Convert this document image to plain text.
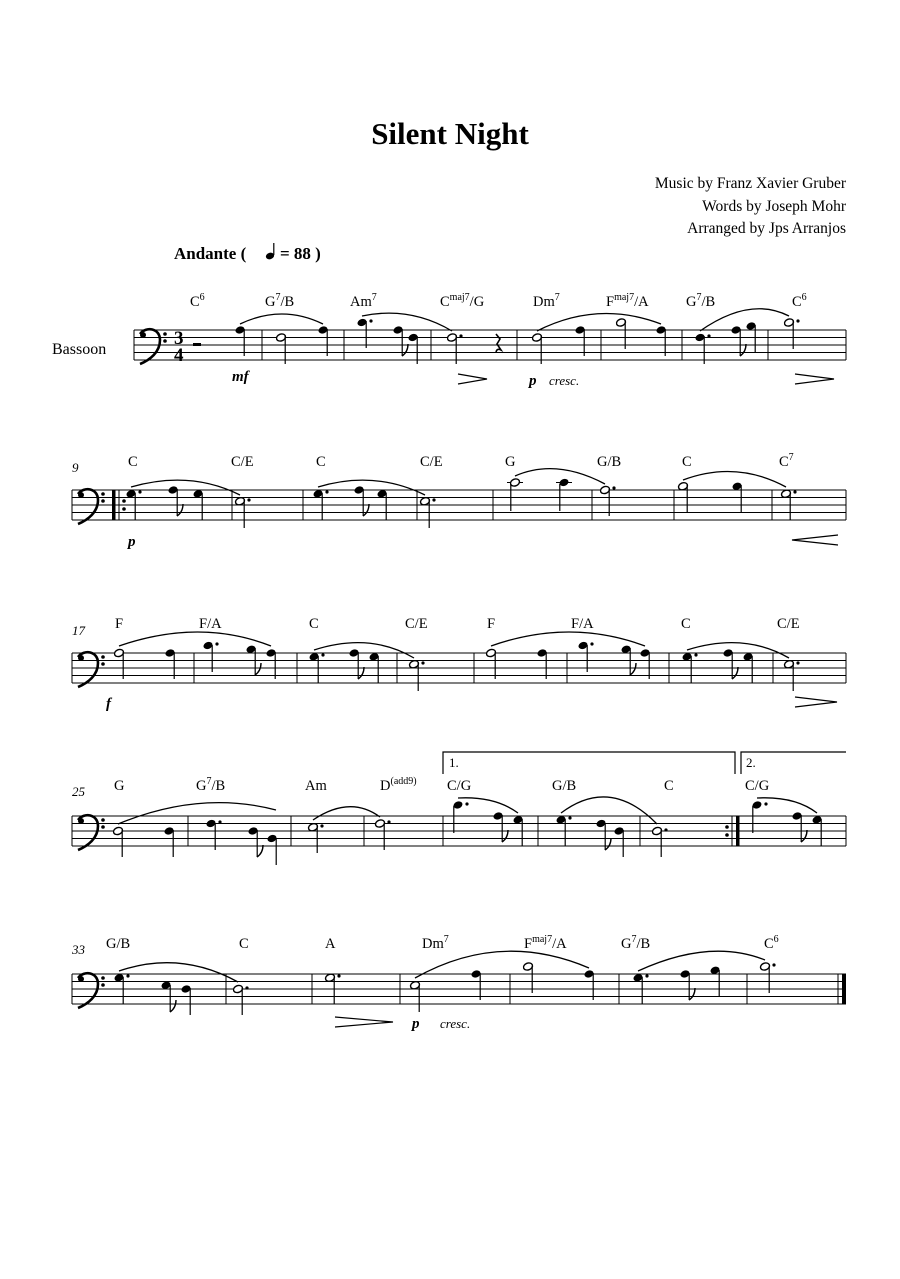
Silent Night
Music by Franz Xavier Gruber
Words by Joseph Mohr
Arranged by Jps Arranjos
Andante ( = 88 )
Bassoon
3
4
mf	p cresc.
$C^6$	$G^7/B$	Am$^7$	$C^{maj7}/G$	Dm$^7$	$F^{maj7}/A$	$G^7/B$	$C^6$
9
p
C	C/E	C	C/E	G	G/B	C	$C^7$
17
f
F	F/A	C	C/E	F	F/A	C	C/E
25
1.	2.
G	$G^7/B$	Am	$D^{(add9)}$ C/G	G/B	C	C/G
33
p cresc.
G/B	C	A	Dm$^7$	$F^{maj7}/A$	$G^7/B$	$C^6$
